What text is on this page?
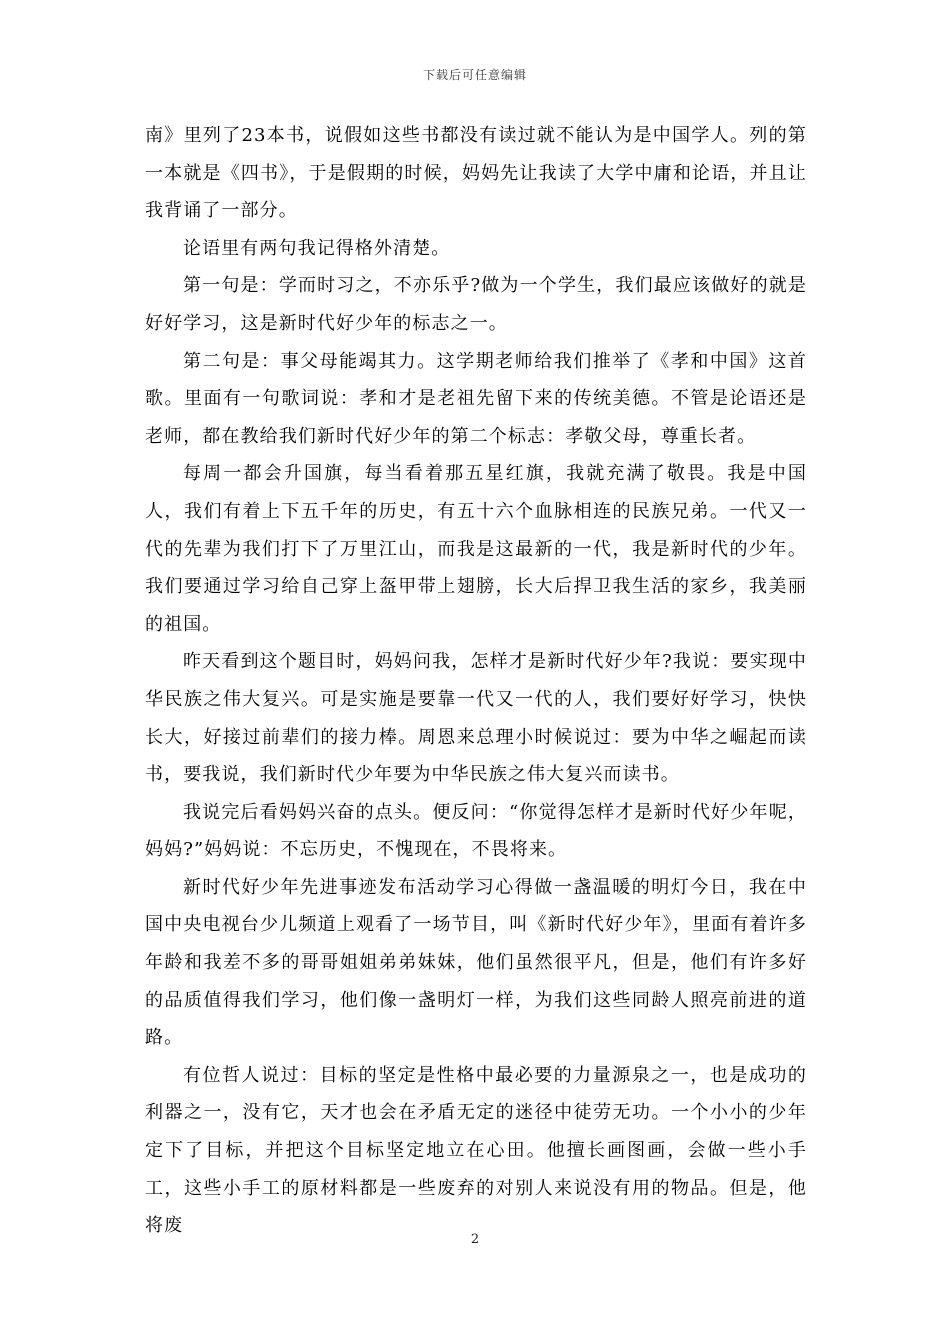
下载后可任意编辑

南》里列了23本书，说假如这些书都没有读过就不能认为是中国学人。列的第一本就是《四书》，于是假期的时候，妈妈先让我读了大学中庸和论语，并且让我背诵了一部分。

论语里有两句我记得格外清楚。

第一句是：学而时习之，不亦乐乎?做为一个学生，我们最应该做好的就是好好学习，这是新时代好少年的标志之一。

第二句是：事父母能竭其力。这学期老师给我们推举了《孝和中国》这首歌。里面有一句歌词说：孝和才是老祖先留下来的传统美德。不管是论语还是老师，都在教给我们新时代好少年的第二个标志：孝敬父母，尊重长者。

每周一都会升国旗，每当看着那五星红旗，我就充满了敬畏。我是中国人，我们有着上下五千年的历史，有五十六个血脉相连的民族兄弟。一代又一代的先辈为我们打下了万里江山，而我是这最新的一代，我是新时代的少年。我们要通过学习给自己穿上盔甲带上翅膀，长大后捍卫我生活的家乡，我美丽的祖国。

昨天看到这个题目时，妈妈问我，怎样才是新时代好少年?我说：要实现中华民族之伟大复兴。可是实施是要靠一代又一代的人，我们要好好学习，快快长大，好接过前辈们的接力棒。周恩来总理小时候说过：要为中华之崛起而读书，要我说，我们新时代少年要为中华民族之伟大复兴而读书。

我说完后看妈妈兴奋的点头。便反问：“你觉得怎样才是新时代好少年呢，妈妈?”妈妈说：不忘历史，不愧现在，不畏将来。

新时代好少年先进事迹发布活动学习心得做一盏温暖的明灯今日，我在中国中央电视台少儿频道上观看了一场节目，叫《新时代好少年》，里面有着许多年龄和我差不多的哥哥姐姐弟弟妹妹，他们虽然很平凡，但是，他们有许多好的品质值得我们学习，他们像一盏明灯一样，为我们这些同龄人照亮前进的道路。

有位哲人说过：目标的坚定是性格中最必要的力量源泉之一，也是成功的利器之一，没有它，天才也会在矛盾无定的迷径中徒劳无功。一个小小的少年定下了目标，并把这个目标坚定地立在心田。他擅长画图画，会做一些小手工，这些小手工的原材料都是一些废弃的对别人来说没有用的物品。但是，他将废

2
